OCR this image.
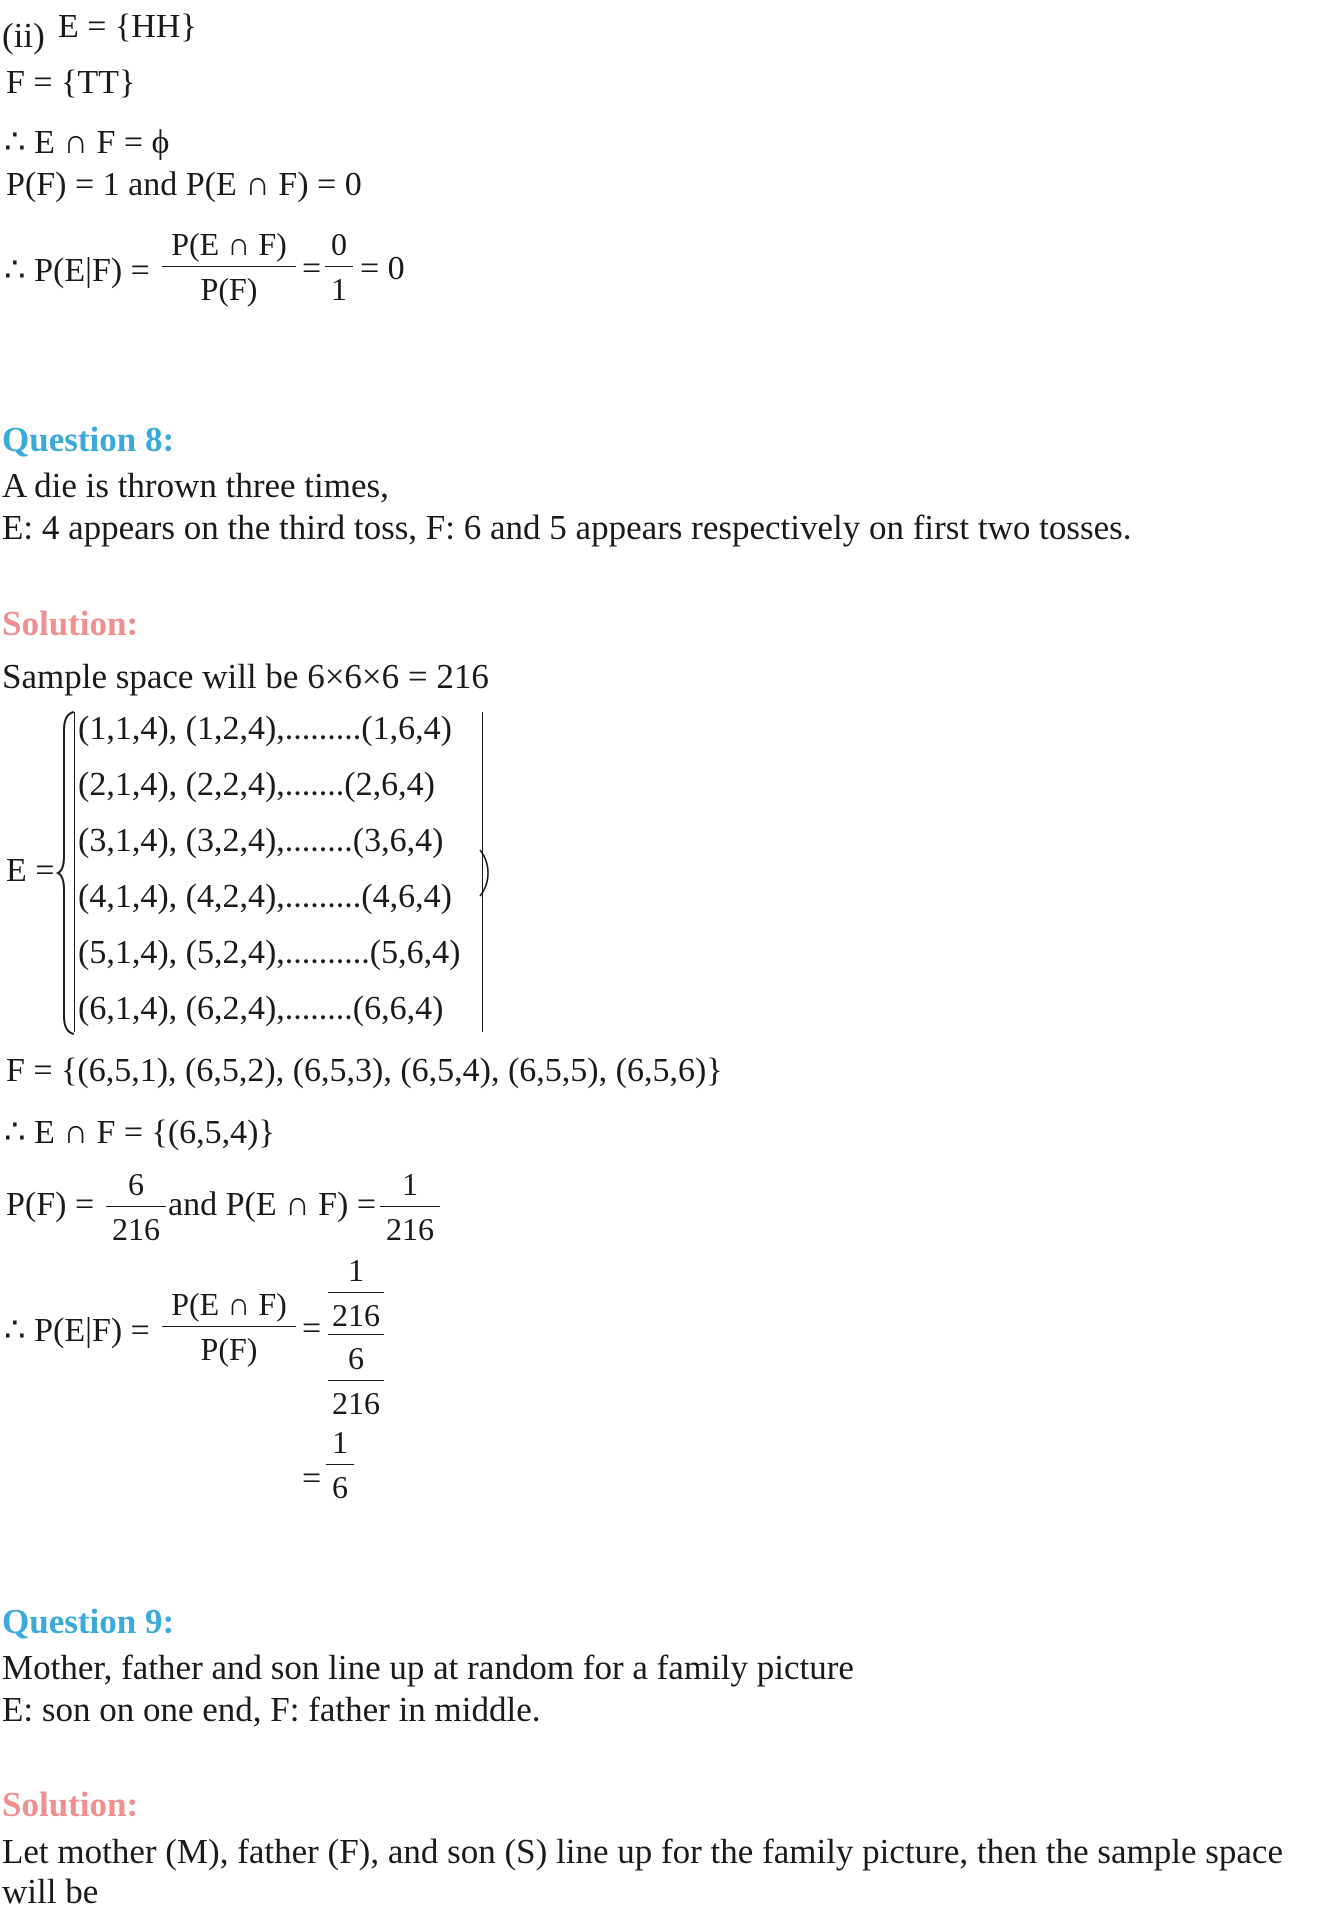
(ii) E = {HH}
F = {TT}
∴ E ∩ F = ϕ
P(F) = 1 and P(E ∩ F) = 0
∴ P(E|F) =
P(E ∩ F)
P(F)
=
0
1
= 0
Question 8:
A die is thrown three times,
E: 4 appears on the third toss, F: 6 and 5 appears respectively on first two tosses.
Solution:
Sample space will be 6×6×6 = 216
E =
(1,1,4), (1,2,4),.........(1,6,4)
(2,1,4), (2,2,4),.......(2,6,4)
(3,1,4), (3,2,4),........(3,6,4)
(4,1,4), (4,2,4),.........(4,6,4)
(5,1,4), (5,2,4),..........(5,6,4)
(6,1,4), (6,2,4),........(6,6,4)
F = {(6,5,1), (6,5,2), (6,5,3), (6,5,4), (6,5,5), (6,5,6)}
∴ E ∩ F = {(6,5,4)}
P(F) =
6
216
and P(E ∩ F) =
1
216
∴ P(E|F) =
P(E ∩ F)
P(F)
=
1
216
6
216
=
1
6
Question 9:
Mother, father and son line up at random for a family picture
E: son on one end, F: father in middle.
Solution:
Let mother (M), father (F), and son (S) line up for the family picture, then the sample space
will be
